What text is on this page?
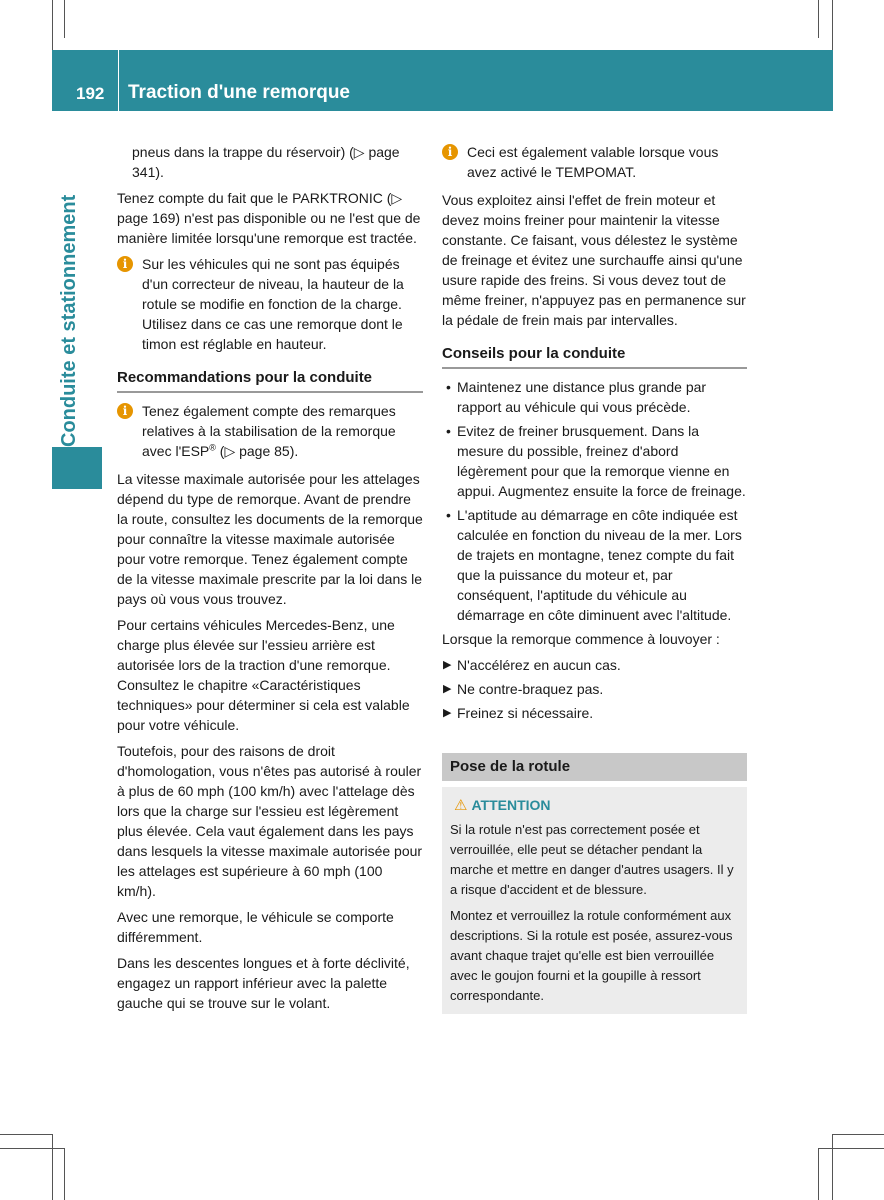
192 Traction d'une remorque
Conduite et stationnement

pneus dans la trappe du réservoir) (▷ page 341).

Tenez compte du fait que le PARKTRONIC (▷ page 169) n'est pas disponible ou ne l'est que de manière limitée lorsqu'une remorque est tractée.

i	Sur les véhicules qui ne sont pas équipés d'un correcteur de niveau, la hauteur de la rotule se modifie en fonction de la charge. Utilisez dans ce cas une remorque dont le timon est réglable en hauteur.
Recommandations pour la conduite
i	Tenez également compte des remarques relatives à la stabilisation de la remorque avec l'ESP® (▷ page 85).

La vitesse maximale autorisée pour les attelages dépend du type de remorque. Avant de prendre la route, consultez les documents de la remorque pour connaître la vitesse maximale autorisée pour votre remorque. Tenez également compte de la vitesse maximale prescrite par la loi dans le pays où vous vous trouvez.

Pour certains véhicules Mercedes-Benz, une charge plus élevée sur l'essieu arrière est autorisée lors de la traction d'une remorque. Consultez le chapitre «Caractéristiques techniques» pour déterminer si cela est valable pour votre véhicule.

Toutefois, pour des raisons de droit d'homologation, vous n'êtes pas autorisé à rouler à plus de 60 mph (100 km/h) avec l'attelage dès lors que la charge sur l'essieu est légèrement plus élevée. Cela vaut également dans les pays dans lesquels la vitesse maximale autorisée pour les attelages est supérieure à 60 mph (100 km/h).

Avec une remorque, le véhicule se comporte différemment.

Dans les descentes longues et à forte déclivité, engagez un rapport inférieur avec la palette gauche qui se trouve sur le volant.

i	Ceci est également valable lorsque vous avez activé le TEMPOMAT.

Vous exploitez ainsi l'effet de frein moteur et devez moins freiner pour maintenir la vitesse constante. Ce faisant, vous délestez le système de freinage et évitez une surchauffe ainsi qu'une usure rapide des freins. Si vous devez tout de même freiner, n'appuyez pas en permanence sur la pédale de frein mais par intervalles.

Conseils pour la conduite
• Maintenez une distance plus grande par rapport au véhicule qui vous précède.
• Evitez de freiner brusquement. Dans la mesure du possible, freinez d'abord légèrement pour que la remorque vienne en appui. Augmentez ensuite la force de freinage.
• L'aptitude au démarrage en côte indiquée est calculée en fonction du niveau de la mer. Lors de trajets en montagne, tenez compte du fait que la puissance du moteur et, par conséquent, l'aptitude du véhicule au démarrage en côte diminuent avec l'altitude.

Lorsque la remorque commence à louvoyer :

▶ N'accélérez en aucun cas.
▶ Ne contre-braquez pas.
▶ Freinez si nécessaire.
Pose de la rotule
⚠ ATTENTION

Si la rotule n'est pas correctement posée et verrouillée, elle peut se détacher pendant la marche et mettre en danger d'autres usagers. Il y a risque d'accident et de blessure.

Montez et verrouillez la rotule conformément aux descriptions. Si la rotule est posée, assurez-vous avant chaque trajet qu'elle est bien verrouillée avec le goujon fourni et la goupille à ressort correspondante.
